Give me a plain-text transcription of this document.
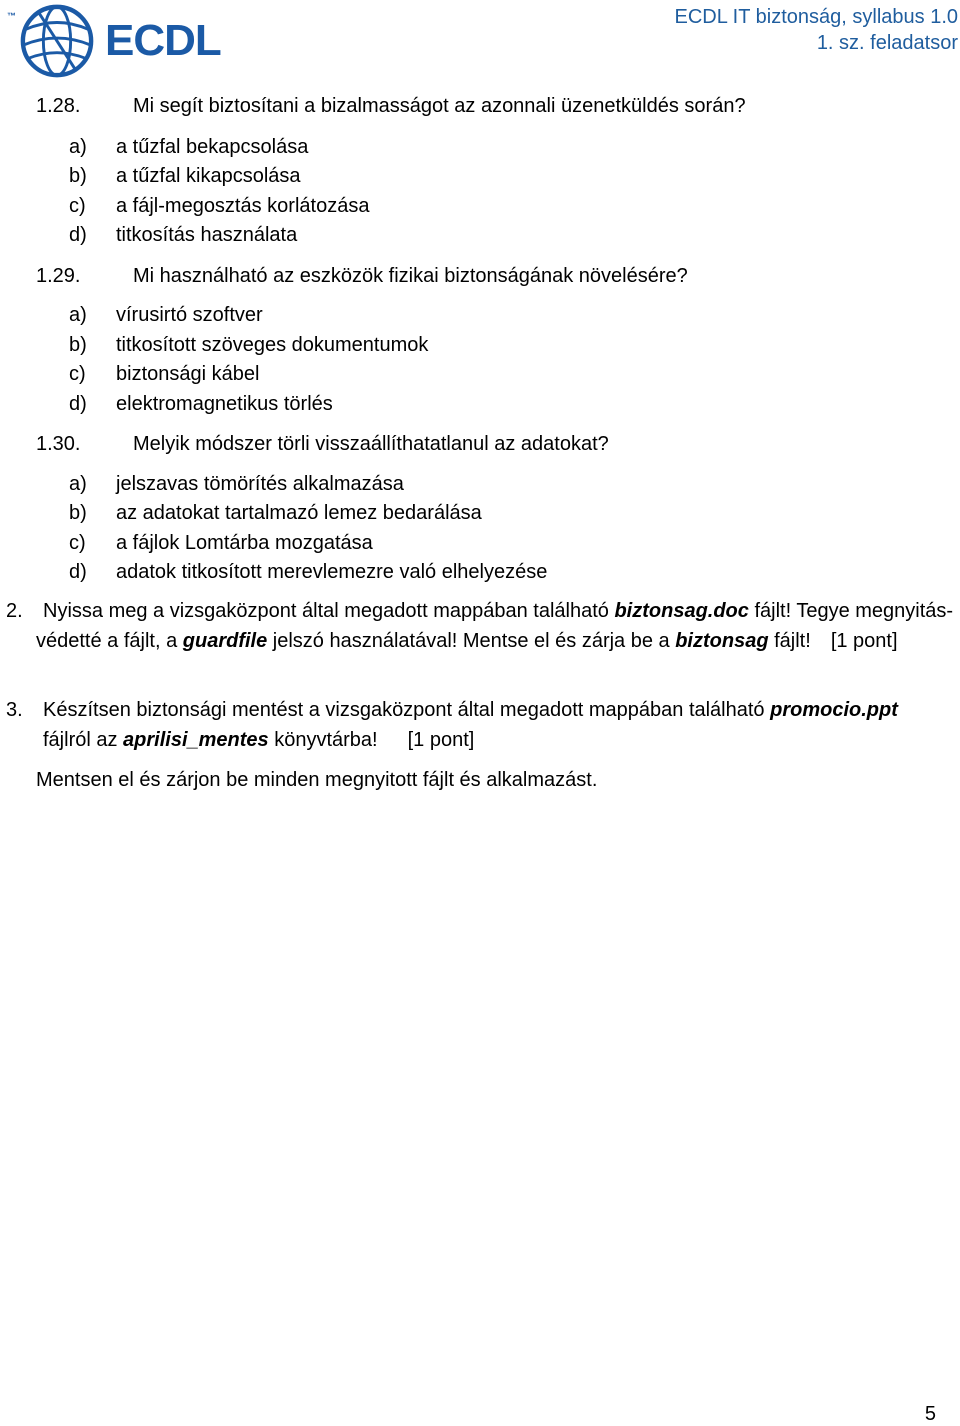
™ ECDL	ECDL IT biztonság, syllabus 1.0
1. sz. feladatsor
1.28.	Mi segít biztosítani a bizalmasságot az azonnali üzenetküldés során?
a) a tűzfal bekapcsolása
b) a tűzfal kikapcsolása
c) a fájl-megosztás korlátozása
d) titkosítás használata
1.29.	Mi használható az eszközök fizikai biztonságának növelésére?
a) vírusirtó szoftver
b) titkosított szöveges dokumentumok
c) biztonsági kábel
d) elektromagnetikus törlés
1.30.	Melyik módszer törli visszaállíthatatlanul az adatokat?
a) jelszavas tömörítés alkalmazása
b) az adatokat tartalmazó lemez bedarálása
c) a fájlok Lomtárba mozgatása
d) adatok titkosított merevlemezre való elhelyezése
2.	Nyissa meg a vizsgaközpont által megadott mappában található biztonsag.doc fájlt! Tegye megnyitás-védetté a fájlt, a guardfile jelszó használatával! Mentse el és zárja be a biztonsag fájlt! [1 pont]
3. Készítsen biztonsági mentést a vizsgaközpont által megadott mappában található promocio.ppt fájlról az aprilisi_mentes könyvtárba! [1 pont]
Mentsen el és zárjon be minden megnyitott fájlt és alkalmazást.
5
